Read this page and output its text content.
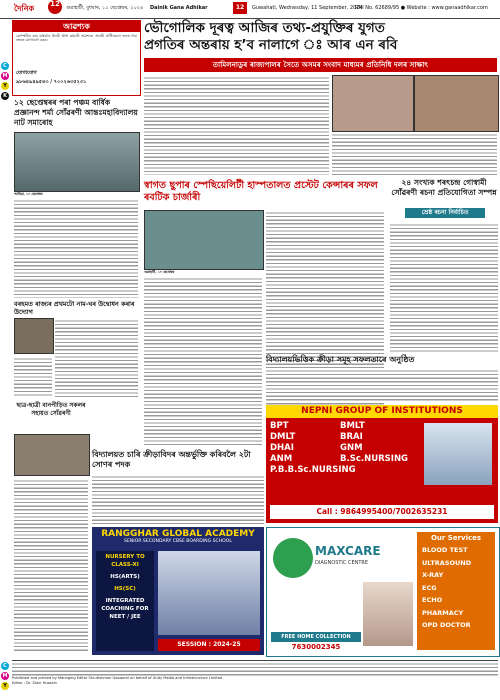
দৈনিক	12	গুৱাহাটী, বুধবাৰ, ১১ ছেপ্তেম্বৰ, ২০২৪ Dainik Gana Adhikar	12	Guwahati, Wednesday, 11 September, 2024
RNI No. 62689/95 ● Website : www.ganaadhikar.com
C
M
Y
K
C
M
Y
আৱশ্যক
কোম্পানীত কাম কৰিবলৈ উদ্যমী বিক্ৰি কৰ্মচাৰী আৱশ্যক। আগ্ৰহী প্ৰাৰ্থীসকলে তলত দিয়া নম্বৰত যোগাযোগ কৰক।
যোগাযোগ
৯৮৬৪৯৪৯৫৪৩ / ৭০০২৬৩৫২৩১
ভৌগোলিক দূৰত্ব আজিৰ তথ্য-প্ৰযুক্তিৰ যুগত
প্ৰগতিৰ অন্তৰায় হ’ব নালাগে ঃ আৰ এন ৰবি
তামিলনাডুৰ ৰাজ্যপালৰ সৈতে অসমৰ সংবাদ মাধ্যমৰ প্ৰতিনিধি দলৰ সাক্ষাৎ
১২ ছেপ্তেম্বৰৰ পৰা পঞ্চম বাৰ্ষিক প্ৰজ্ঞানন্দ শৰ্মা সোঁৱৰণী আন্তঃমহাবিদ্যালয় নাট সমাৰোহ
আৰিয়া, ১০ ছেপ্তেম্বৰ
বৰহমত ৰাজ্যৰ প্ৰথমটো নাম-ঘৰ উদ্বোধন কৰাৰ উদ্যোগ
ছাত্ৰ-ছাত্ৰী বানপীড়িত সকলৰ সহায়ত সোঁৱৰণী
স্বাগত ছুপাৰ স্পেছিয়েলিটী হাস্পতালত প্ৰস্টেট কেন্সাৰৰ সফল ৰবটিক চাৰ্জাৰী
গুৱাহাটী, ১০ ছেপ্তেম্বৰ
২৪ সংখ্যক শৰৎচন্দ্ৰ গোস্বামী সোঁৱৰণী ৰচনা প্ৰতিযোগিতা সম্পন্ন
শ্ৰেষ্ঠ ৰচনা নিৰ্বাচিত
বিদ্যালয়ভিত্তিক ক্ৰীড়া সমূহ সফলতাৰে অনুষ্ঠিত
বিদ্যালয়ত চাৰি ক্ৰীড়াবিদৰ অন্তৰ্ভুক্তি কৰিবলৈ ২টা সোণৰ পদক
NEPNI GROUP OF INSTITUTIONS
BPT	BMLT
DMLT	BRAI
DHAI	GNM
ANM	B.Sc.NURSING
P.B.B.Sc.NURSING
Call : 9864995400/7002635231
RANGGHAR GLOBAL ACADEMY
SENIOR SECONDARY CBSE BOARDING SCHOOL
NURSERY TO CLASS-XI
HS(ARTS)
HS(SC)
INTEGRATED COACHING FOR NEET / JEE
SESSION : 2024-25
MAXCARE
DIAGNOSTIC CENTRE
Our Services
BLOOD TEST
ULTRASOUND
X-RAY
ECG
ECHO
PHARMACY
OPD DOCTOR
FREE HOME COLLECTION
7630002345
Published and printed by Managing Editor Shrutishman Goswami on behalf of Unity Media and Infrastructure Limited.
Editor : Dr. Zakir Hussain
